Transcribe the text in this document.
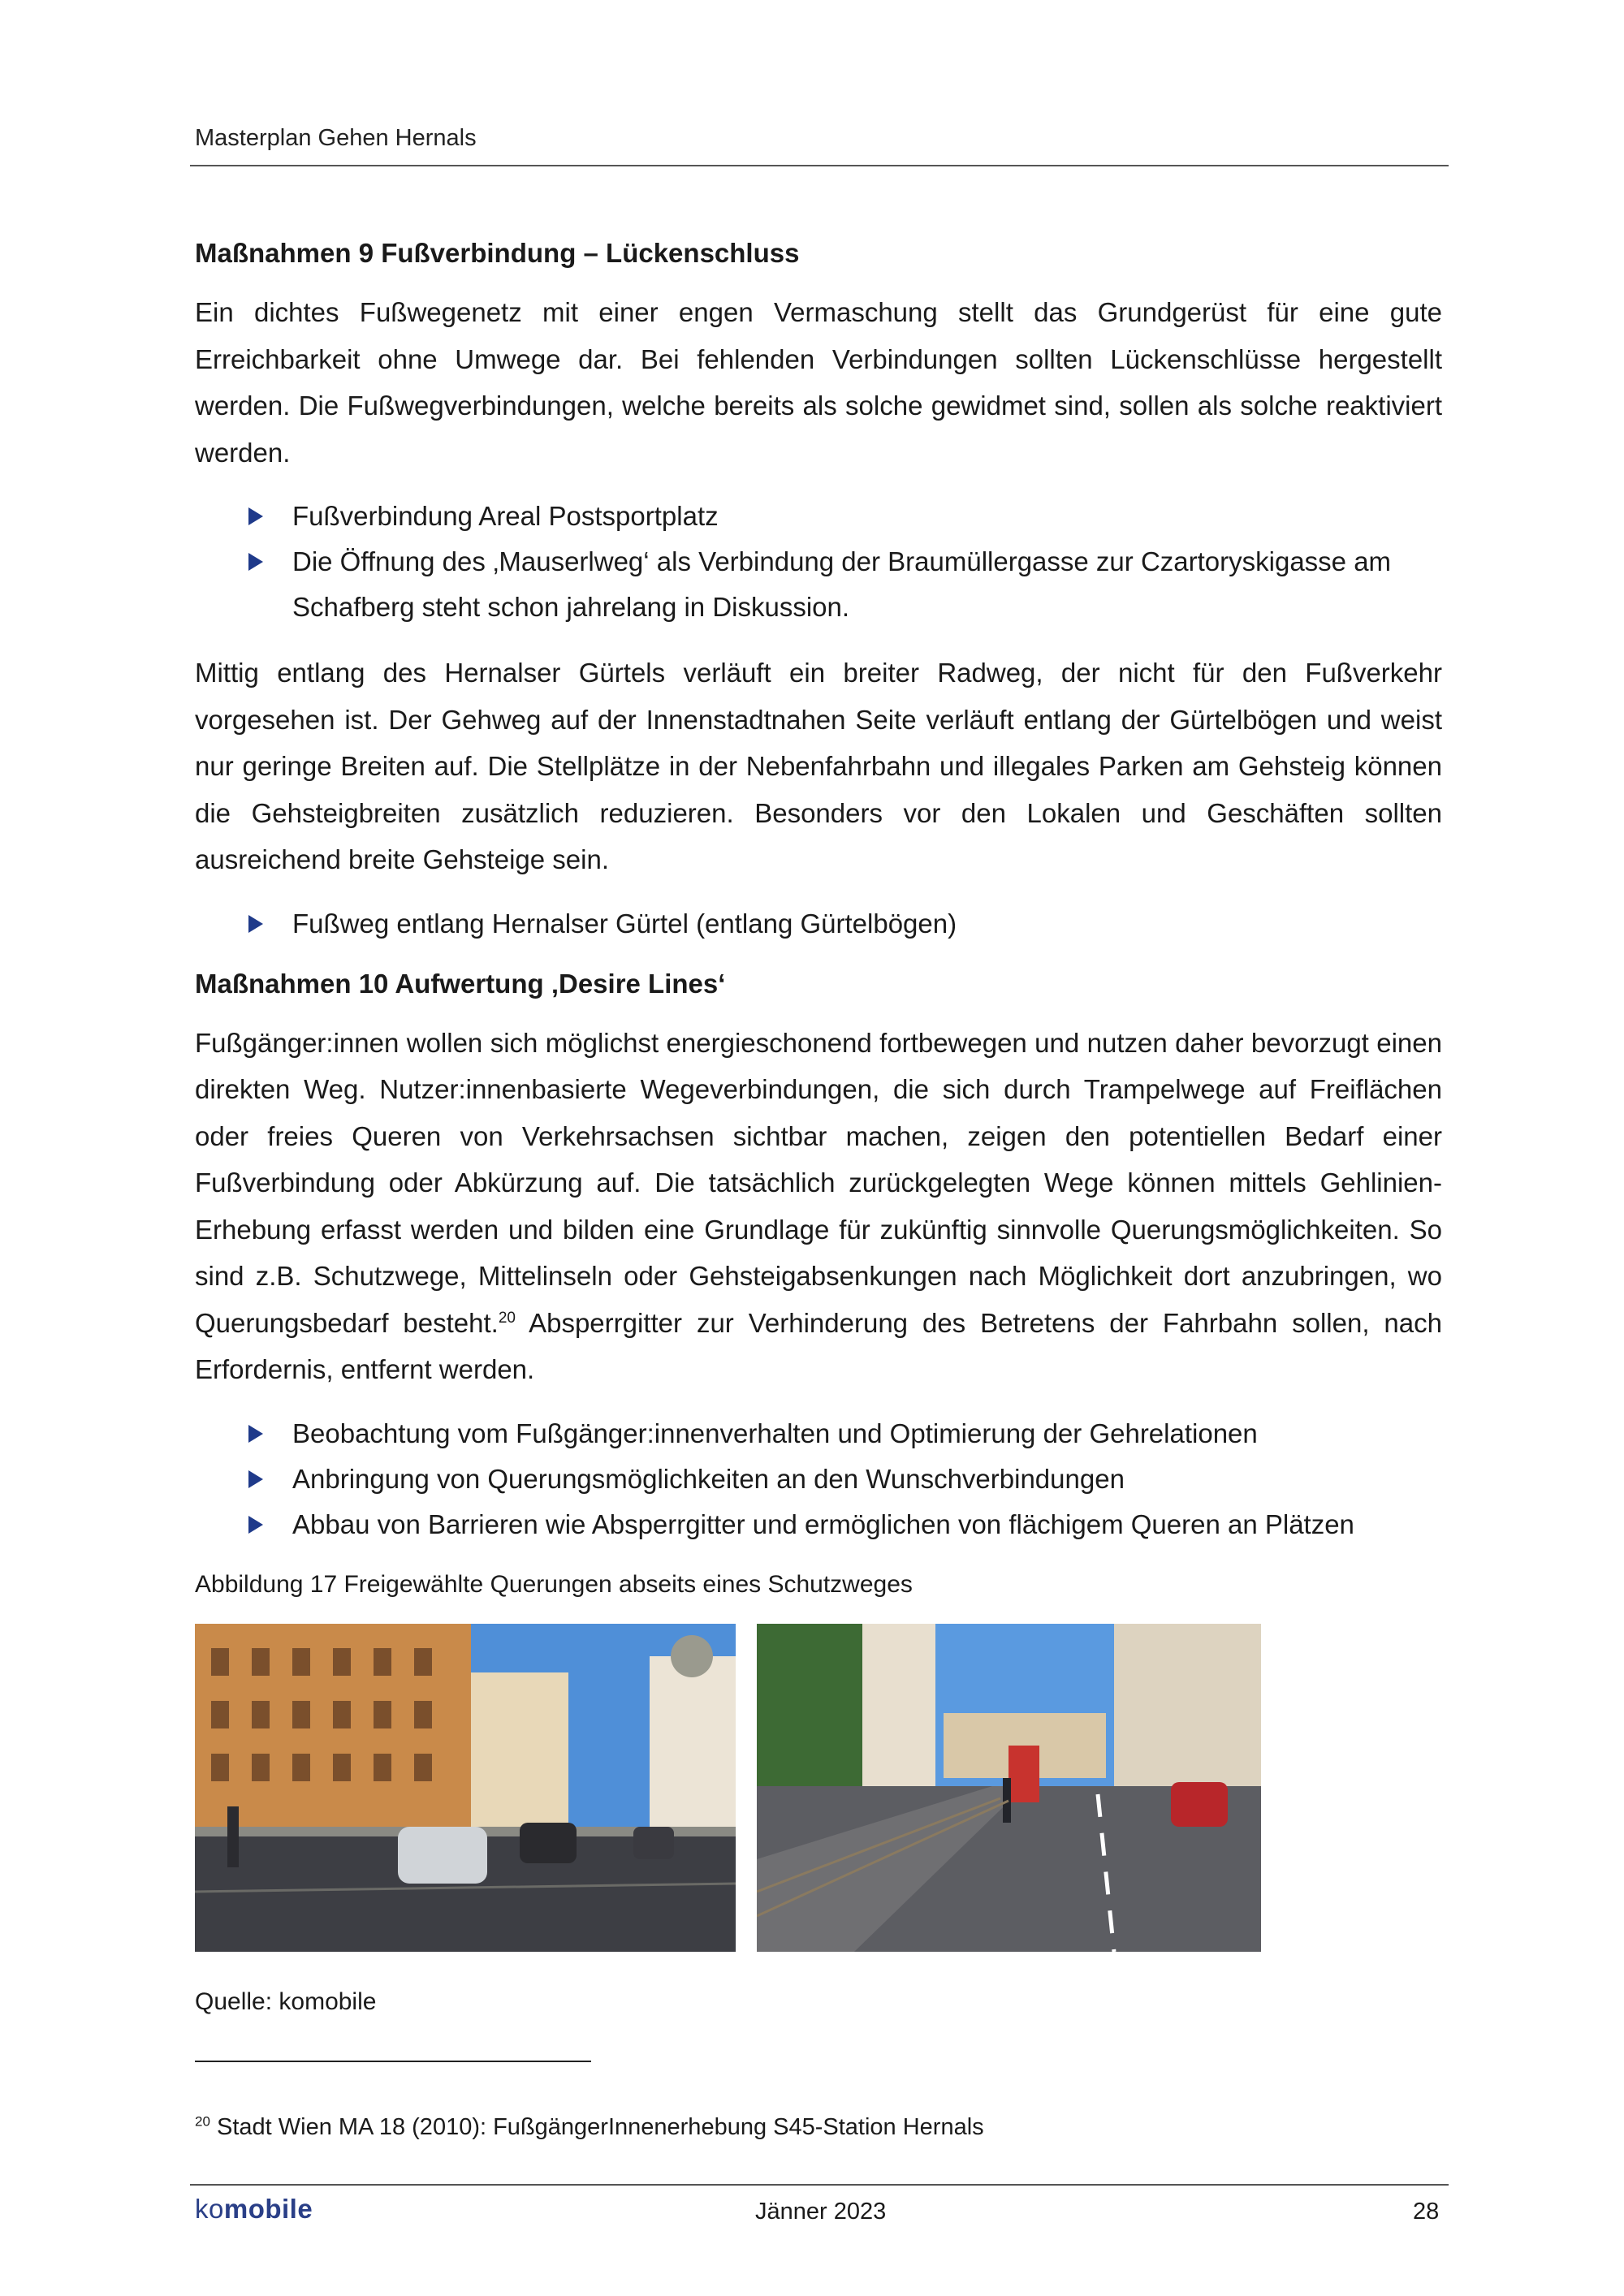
Masterplan Gehen Hernals
Maßnahmen 9 Fußverbindung – Lückenschluss

Ein dichtes Fußwegenetz mit einer engen Vermaschung stellt das Grundgerüst für eine gute Erreichbarkeit ohne Umwege dar. Bei fehlenden Verbindungen sollten Lückenschlüsse hergestellt werden. Die Fußwegverbindungen, welche bereits als solche gewidmet sind, sollen als solche reaktiviert werden.

Fußverbindung Areal Postsportplatz
Die Öffnung des ‚Mauserlweg‘ als Verbindung der Braumüllergasse zur Czartoryskigasse am Schafberg steht schon jahrelang in Diskussion.

Mittig entlang des Hernalser Gürtels verläuft ein breiter Radweg, der nicht für den Fußverkehr vorgesehen ist. Der Gehweg auf der Innenstadtnahen Seite verläuft entlang der Gürtelbögen und weist nur geringe Breiten auf. Die Stellplätze in der Nebenfahrbahn und illegales Parken am Gehsteig können die Gehsteigbreiten zusätzlich reduzieren. Besonders vor den Lokalen und Geschäften sollten ausreichend breite Gehsteige sein.

Fußweg entlang Hernalser Gürtel (entlang Gürtelbögen)
Maßnahmen 10 Aufwertung ‚Desire Lines‘

Fußgänger:innen wollen sich möglichst energieschonend fortbewegen und nutzen daher bevorzugt einen direkten Weg. Nutzer:innenbasierte Wegeverbindungen, die sich durch Trampelwege auf Freiflächen oder freies Queren von Verkehrsachsen sichtbar machen, zeigen den potentiellen Bedarf einer Fußverbindung oder Abkürzung auf. Die tatsächlich zurückgelegten Wege können mittels Gehlinien-Erhebung erfasst werden und bilden eine Grundlage für zukünftig sinnvolle Querungsmöglichkeiten. So sind z.B. Schutzwege, Mittelinseln oder Gehsteigabsenkungen nach Möglichkeit dort anzubringen, wo Querungsbedarf besteht.$^{20}$ Absperrgitter zur Verhinderung des Betretens der Fahrbahn sollen, nach Erfordernis, entfernt werden.

Beobachtung vom Fußgänger:innenverhalten und Optimierung der Gehrelationen
Anbringung von Querungsmöglichkeiten an den Wunschverbindungen
Abbau von Barrieren wie Absperrgitter und ermöglichen von flächigem Queren an Plätzen
Abbildung 17 Freigewählte Querungen abseits eines Schutzweges
Quelle: komobile
$^{20}$ Stadt Wien MA 18 (2010): FußgängerInnenerhebung S45-Station Hernals
komobile	Jänner 2023	28
